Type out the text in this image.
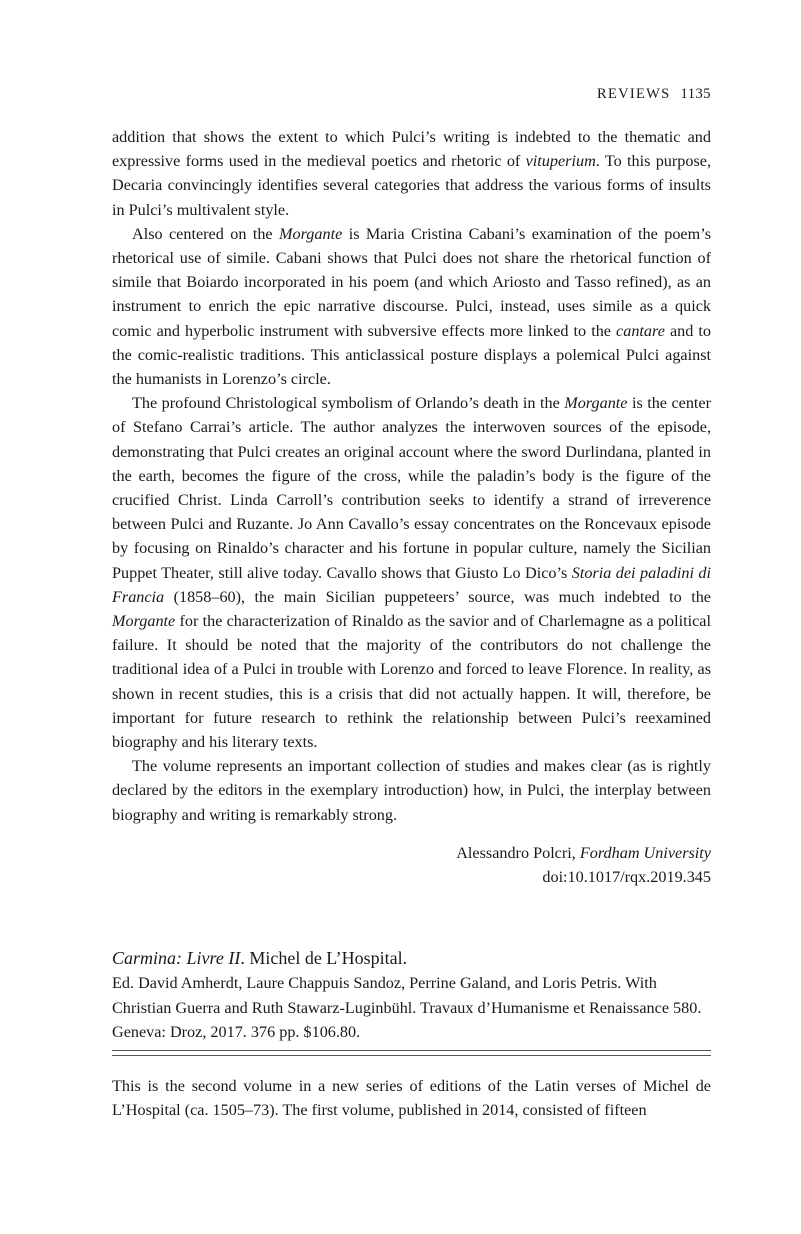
REVIEWS 1135

addition that shows the extent to which Pulci’s writing is indebted to the thematic and expressive forms used in the medieval poetics and rhetoric of vituperium. To this purpose, Decaria convincingly identifies several categories that address the various forms of insults in Pulci’s multivalent style.

Also centered on the Morgante is Maria Cristina Cabani’s examination of the poem’s rhetorical use of simile. Cabani shows that Pulci does not share the rhetorical function of simile that Boiardo incorporated in his poem (and which Ariosto and Tasso refined), as an instrument to enrich the epic narrative discourse. Pulci, instead, uses simile as a quick comic and hyperbolic instrument with subversive effects more linked to the cantare and to the comic-realistic traditions. This anticlassical posture displays a polemical Pulci against the humanists in Lorenzo’s circle.

The profound Christological symbolism of Orlando’s death in the Morgante is the center of Stefano Carrai’s article. The author analyzes the interwoven sources of the episode, demonstrating that Pulci creates an original account where the sword Durlindana, planted in the earth, becomes the figure of the cross, while the paladin’s body is the figure of the crucified Christ. Linda Carroll’s contribution seeks to identify a strand of irreverence between Pulci and Ruzante. Jo Ann Cavallo’s essay concentrates on the Roncevaux episode by focusing on Rinaldo’s character and his fortune in popular culture, namely the Sicilian Puppet Theater, still alive today. Cavallo shows that Giusto Lo Dico’s Storia dei paladini di Francia (1858–60), the main Sicilian puppeteers’ source, was much indebted to the Morgante for the characterization of Rinaldo as the savior and of Charlemagne as a political failure. It should be noted that the majority of the contributors do not challenge the traditional idea of a Pulci in trouble with Lorenzo and forced to leave Florence. In reality, as shown in recent studies, this is a crisis that did not actually happen. It will, therefore, be important for future research to rethink the relationship between Pulci’s reexamined biography and his literary texts.

The volume represents an important collection of studies and makes clear (as is rightly declared by the editors in the exemplary introduction) how, in Pulci, the interplay between biography and writing is remarkably strong.

Alessandro Polcri, Fordham University
doi:10.1017/rqx.2019.345
Carmina: Livre II. Michel de L’Hospital.
Ed. David Amherdt, Laure Chappuis Sandoz, Perrine Galand, and Loris Petris. With Christian Guerra and Ruth Stawarz-Luginbühl. Travaux d’Humanisme et Renaissance 580. Geneva: Droz, 2017. 376 pp. $106.80.

This is the second volume in a new series of editions of the Latin verses of Michel de L’Hospital (ca. 1505–73). The first volume, published in 2014, consisted of fifteen
